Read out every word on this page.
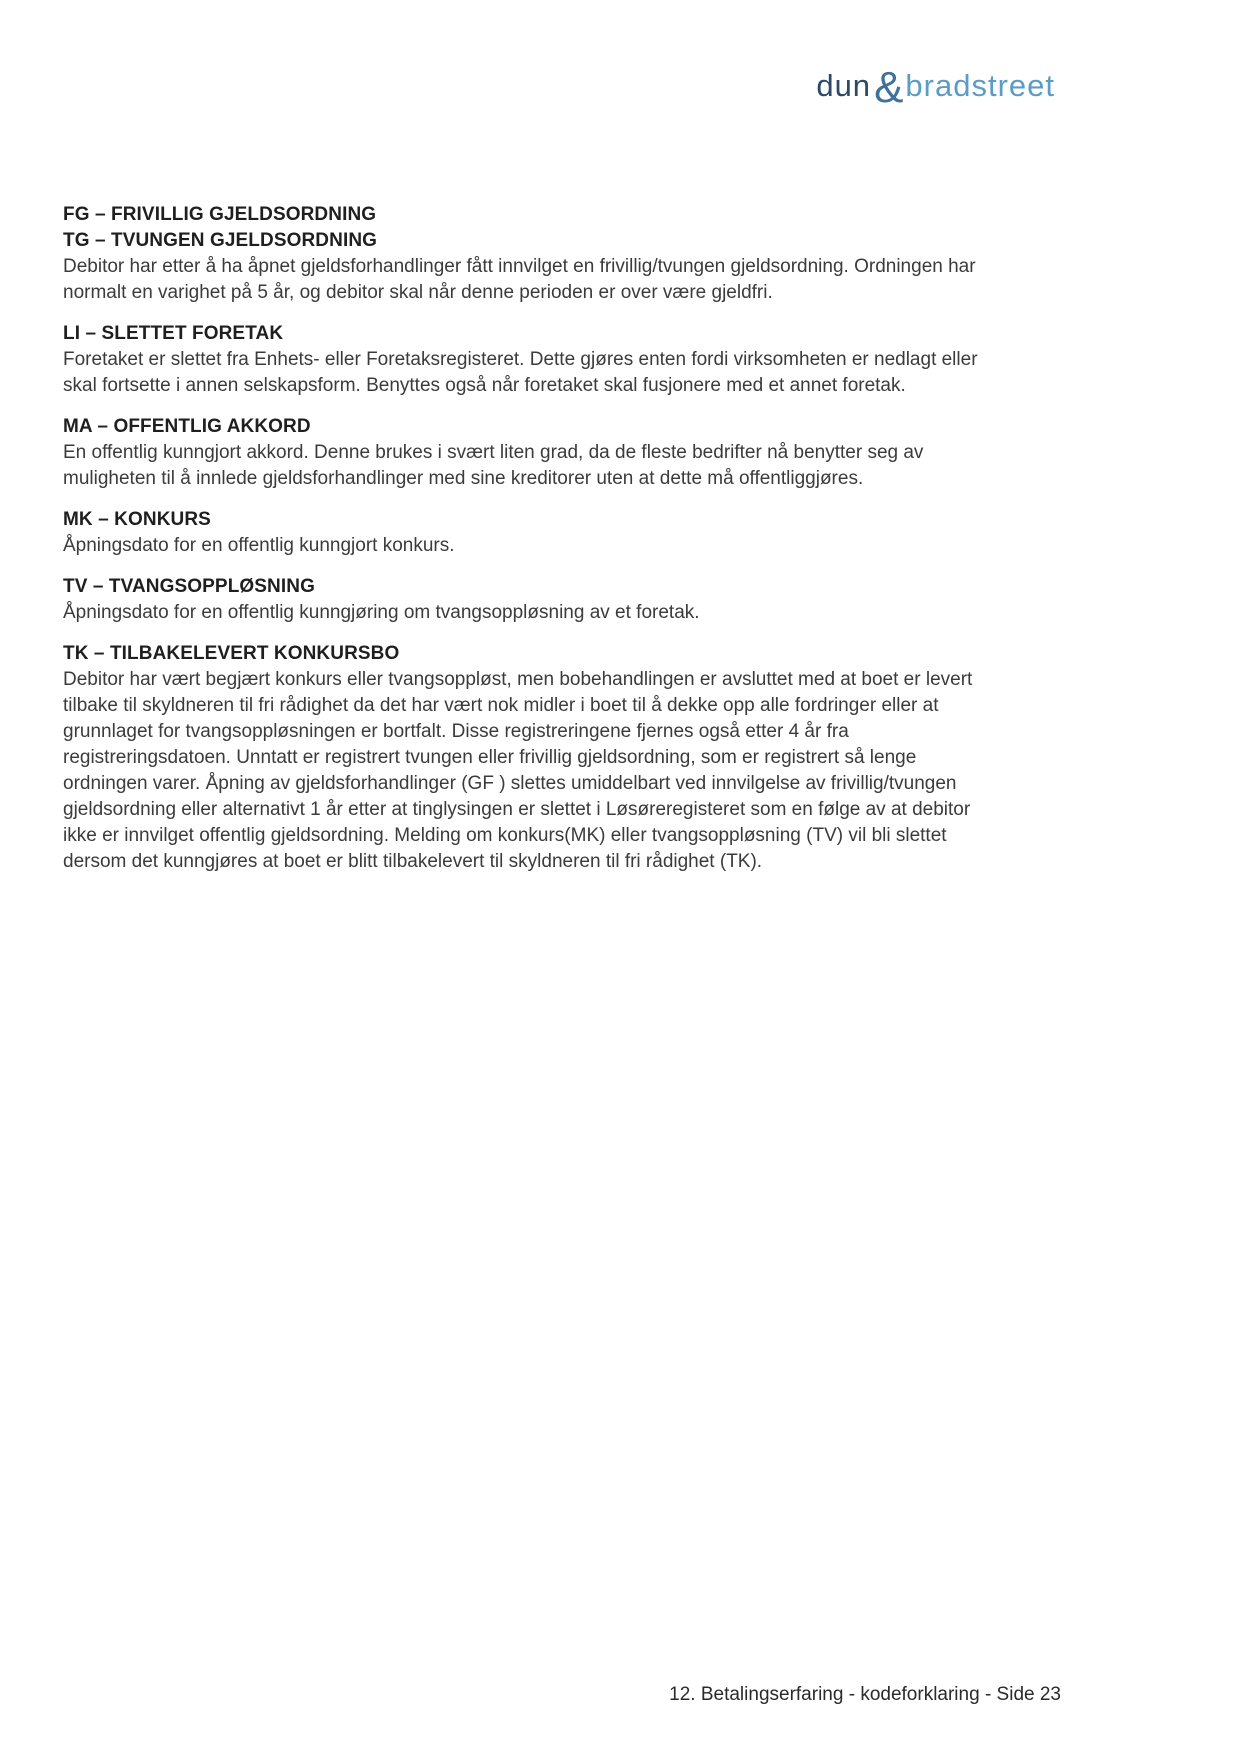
dun&bradstreet
FG – FRIVILLIG GJELDSORDNING
TG – TVUNGEN GJELDSORDNING

Debitor har etter å ha åpnet gjeldsforhandlinger fått innvilget en frivillig/tvungen gjeldsordning. Ordningen har normalt en varighet på 5 år, og debitor skal når denne perioden er over være gjeldfri.

LI – SLETTET FORETAK

Foretaket er slettet fra Enhets- eller Foretaksregisteret. Dette gjøres enten fordi virksomheten er nedlagt eller skal fortsette i annen selskapsform. Benyttes også når foretaket skal fusjonere med et annet foretak.

MA – OFFENTLIG AKKORD

En offentlig kunngjort akkord. Denne brukes i svært liten grad, da de fleste bedrifter nå benytter seg av muligheten til å innlede gjeldsforhandlinger med sine kreditorer uten at dette må offentliggjøres.

MK – KONKURS

Åpningsdato for en offentlig kunngjort konkurs.

TV – TVANGSOPPLØSNING

Åpningsdato for en offentlig kunngjøring om tvangsoppløsning av et foretak.

TK – TILBAKELEVERT KONKURSBO

Debitor har vært begjært konkurs eller tvangsoppløst, men bobehandlingen er avsluttet med at boet er levert tilbake til skyldneren til fri rådighet da det har vært nok midler i boet til å dekke opp alle fordringer eller at grunnlaget for tvangsoppløsningen er bortfalt. Disse registreringene fjernes også etter 4 år fra registreringsdatoen. Unntatt er registrert tvungen eller frivillig gjeldsordning, som er registrert så lenge ordningen varer. Åpning av gjeldsforhandlinger (GF ) slettes umiddelbart ved innvilgelse av frivillig/tvungen gjeldsordning eller alternativt 1 år etter at tinglysingen er slettet i Løsøreregisteret som en følge av at debitor ikke er innvilget offentlig gjeldsordning. Melding om konkurs(MK) eller tvangsoppløsning (TV) vil bli slettet dersom det kunngjøres at boet er blitt tilbakelevert til skyldneren til fri rådighet (TK).

12. Betalingserfaring - kodeforklaring - Side 23
